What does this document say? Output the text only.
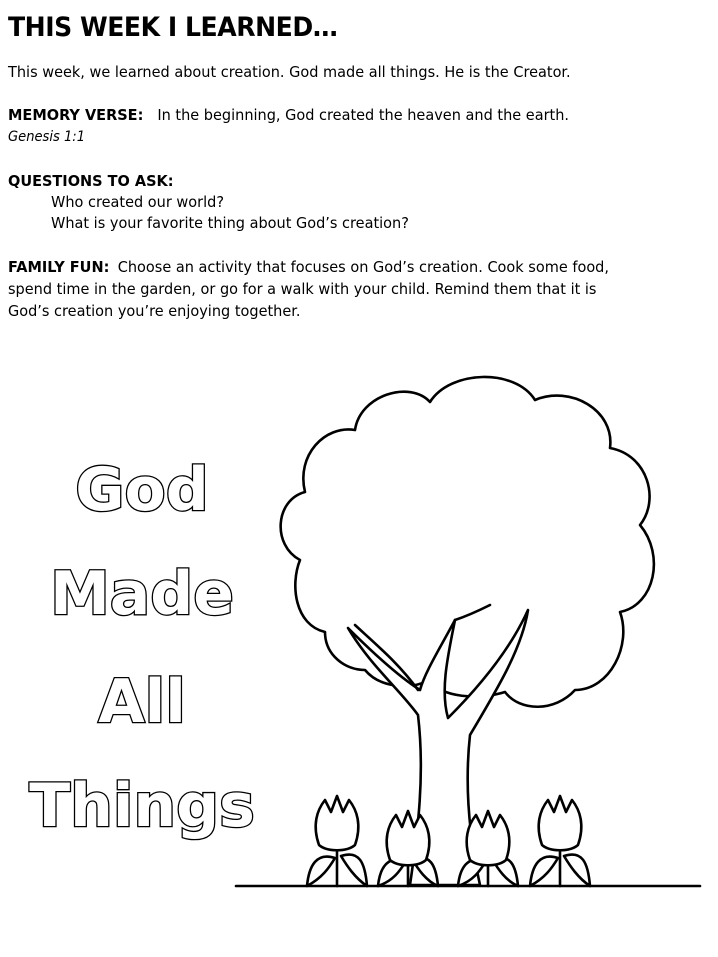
THIS WEEK I LEARNED…
This week, we learned about creation. God made all things. He is the Creator.
MEMORY VERSE: In the beginning, God created the heaven and the earth.
Genesis 1:1
QUESTIONS TO ASK:
Who created our world?
What is your favorite thing about God’s creation?
FAMILY FUN: Choose an activity that focuses on God’s creation. Cook some food,
spend time in the garden, or go for a walk with your child. Remind them that it is
God’s creation you’re enjoying together.
God
Made
All
Things
